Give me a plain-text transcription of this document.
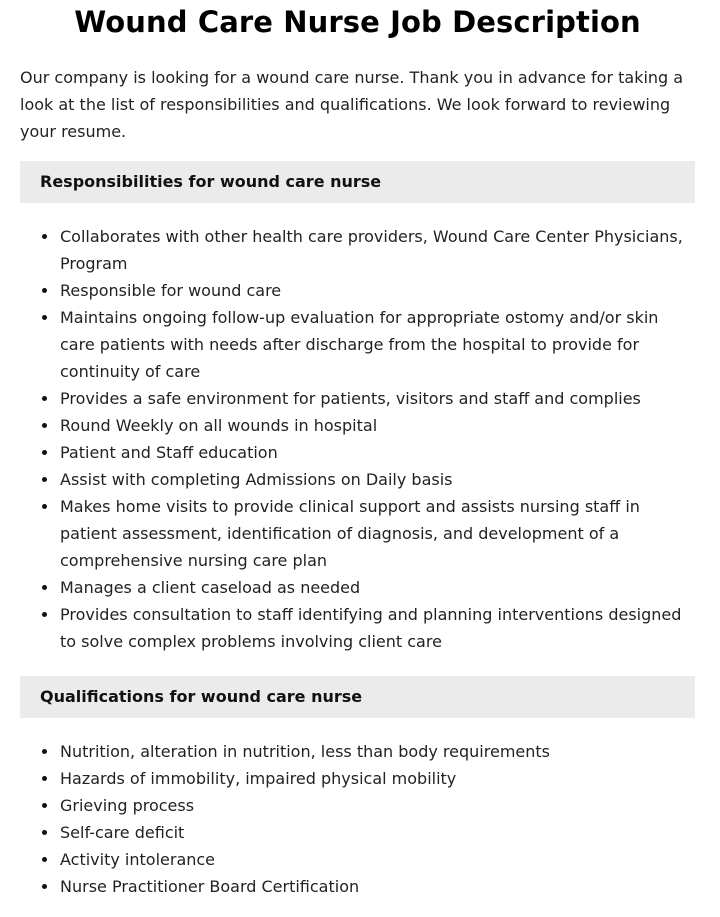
Wound Care Nurse Job Description

Our company is looking for a wound care nurse. Thank you in advance for taking a look at the list of responsibilities and qualifications. We look forward to reviewing your resume.

Responsibilities for wound care nurse
Collaborates with other health care providers, Wound Care Center Physicians, Program
Responsible for wound care
Maintains ongoing follow-up evaluation for appropriate ostomy and/or skin care patients with needs after discharge from the hospital to provide for continuity of care
Provides a safe environment for patients, visitors and staff and complies
Round Weekly on all wounds in hospital
Patient and Staff education
Assist with completing Admissions on Daily basis
Makes home visits to provide clinical support and assists nursing staff in patient assessment, identification of diagnosis, and development of a comprehensive nursing care plan
Manages a client caseload as needed
Provides consultation to staff identifying and planning interventions designed to solve complex problems involving client care
Qualifications for wound care nurse
Nutrition, alteration in nutrition, less than body requirements
Hazards of immobility, impaired physical mobility
Grieving process
Self-care deficit
Activity intolerance
Nurse Practitioner Board Certification
